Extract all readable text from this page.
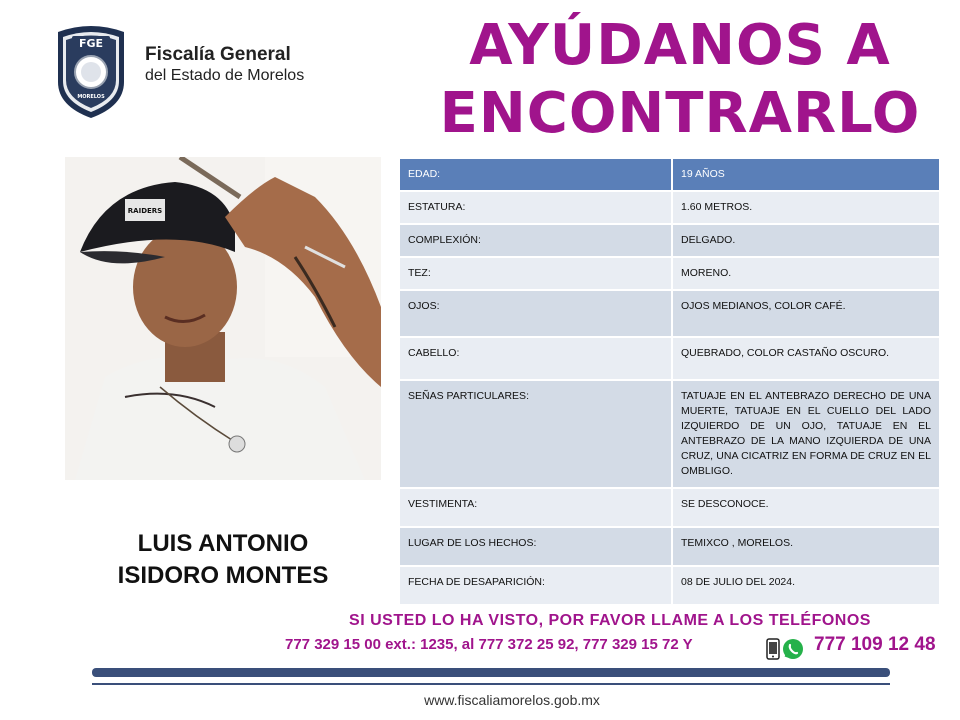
FGE
MORELOS
Fiscalía General
del Estado de Morelos	AYÚDANOS A
ENCONTRARLO
RAIDERS
LUIS ANTONIO
ISIDORO MONTES
EDAD:	19 AÑOS
ESTATURA:	1.60 METROS.
COMPLEXIÓN:	DELGADO.
TEZ:	MORENO.
OJOS:	OJOS MEDIANOS, COLOR CAFÉ.
CABELLO:	QUEBRADO, COLOR CASTAÑO OSCURO.
SEÑAS PARTICULARES:	TATUAJE EN EL ANTEBRAZO DERECHO DE UNA MUERTE, TATUAJE EN EL CUELLO DEL LADO IZQUIERDO DE UN OJO, TATUAJE EN EL ANTEBRAZO DE LA MANO IZQUIERDA DE UNA CRUZ, UNA CICATRIZ EN FORMA DE CRUZ EN EL OMBLIGO.
VESTIMENTA:	SE DESCONOCE.
LUGAR DE LOS HECHOS:	TEMIXCO , MORELOS.
FECHA DE DESAPARICIÓN:	08 DE JULIO DEL 2024.
SI USTED LO HA VISTO, POR FAVOR LLAME A LOS TELÉFONOS
777 329 15 00 ext.: 1235, al 777 372 25 92, 777 329 15 72 Y	777 109 12 48
www.fiscaliamorelos.gob.mx
